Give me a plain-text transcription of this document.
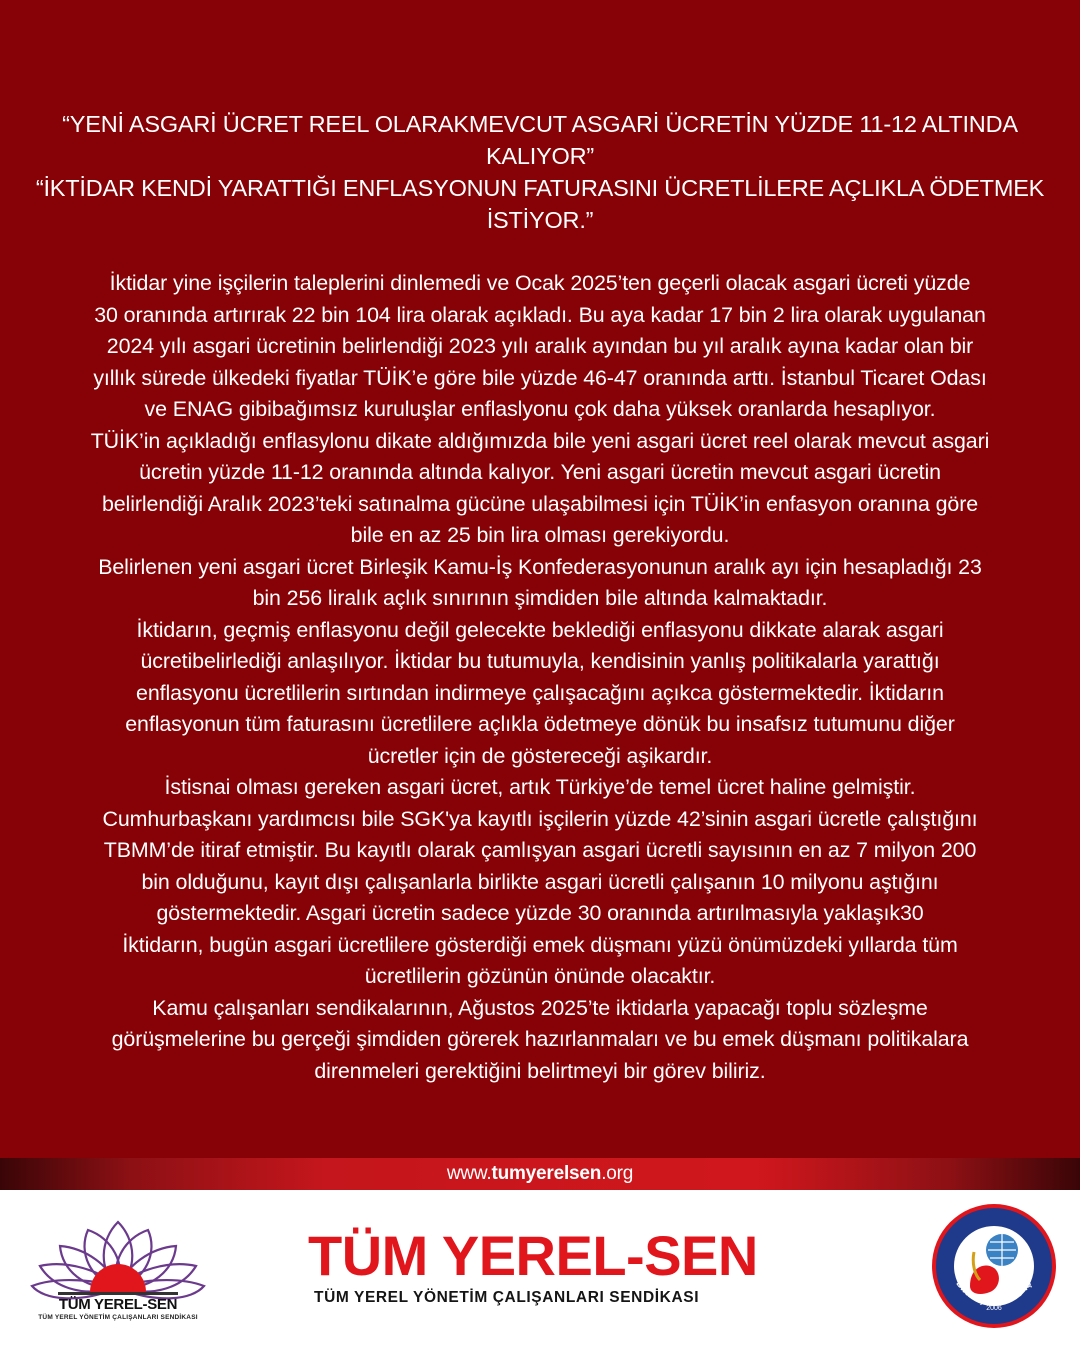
“YENİ ASGARİ ÜCRET REEL OLARAKMEVCUT ASGARİ ÜCRETİN YÜZDE 11-12 ALTINDA KALIYOR”
“İKTİDAR KENDİ YARATTIĞI ENFLASYONUN FATURASINI ÜCRETLİLERE AÇLIKLA ÖDETMEK
İSTİYOR.”

İktidar yine işçilerin taleplerini dinlemedi ve Ocak 2025’ten geçerli olacak asgari ücreti yüzde

30 oranında artırırak 22 bin 104 lira olarak açıkladı. Bu aya kadar 17 bin 2 lira olarak uygulanan

2024 yılı asgari ücretinin belirlendiği 2023 yılı aralık ayından bu yıl aralık ayına kadar olan bir

yıllık sürede ülkedeki fiyatlar TÜİK’e göre bile yüzde 46-47 oranında arttı. İstanbul Ticaret Odası

ve ENAG gibibağımsız kuruluşlar enflaslyonu çok daha yüksek oranlarda hesaplıyor.

TÜİK’in açıkladığı enflasylonu dikate aldığımızda bile yeni asgari ücret reel olarak mevcut asgari

ücretin yüzde 11-12 oranında altında kalıyor. Yeni asgari ücretin mevcut asgari ücretin

belirlendiği Aralık 2023’teki satınalma gücüne ulaşabilmesi için TÜİK’in enfasyon oranına göre

bile en az 25 bin lira olması gerekiyordu.

Belirlenen yeni asgari ücret Birleşik Kamu-İş Konfederasyonunun aralık ayı için hesapladığı 23

bin 256 liralık açlık sınırının şimdiden bile altında kalmaktadır.

İktidarın, geçmiş enflasyonu değil gelecekte beklediği enflasyonu dikkate alarak asgari

ücretibelirlediği anlaşılıyor. İktidar bu tutumuyla, kendisinin yanlış politikalarla yarattığı

enflasyonu ücretlilerin sırtından indirmeye çalışacağını açıkca göstermektedir. İktidarın

enflasyonun tüm faturasını ücretlilere açlıkla ödetmeye dönük bu insafsız tutumunu diğer

ücretler için de göstereceği aşikardır.

İstisnai olması gereken asgari ücret, artık Türkiye’de temel ücret haline gelmiştir.

Cumhurbaşkanı yardımcısı bile SGK'ya kayıtlı işçilerin yüzde 42’sinin asgari ücretle çalıştığını

TBMM’de itiraf etmiştir. Bu kayıtlı olarak çamlışyan asgari ücretli sayısının en az 7 milyon 200

bin olduğunu, kayıt dışı çalışanlarla birlikte asgari ücretli çalışanın 10 milyonu aştığını

göstermektedir. Asgari ücretin sadece yüzde 30 oranında artırılmasıyla yaklaşık30

İktidarın, bugün asgari ücretlilere gösterdiği emek düşmanı yüzü önümüzdeki yıllarda tüm

ücretlilerin gözünün önünde olacaktır.

Kamu çalışanları sendikalarının, Ağustos 2025’te iktidarla yapacağı toplu sözleşme

görüşmelerine bu gerçeği şimdiden görerek hazırlanmaları ve bu emek düşmanı politikalara

direnmeleri gerektiğini belirtmeyi bir görev biliriz.

www.tumyerelsen.org
TÜM YEREL-SEN
TÜM YEREL YÖNETİM ÇALIŞANLARI SENDİKASI
TÜM YEREL-SEN
TÜM YEREL YÖNETİM ÇALIŞANLARI SENDİKASI
BİRLEŞİK KAMU-İŞ
2006
